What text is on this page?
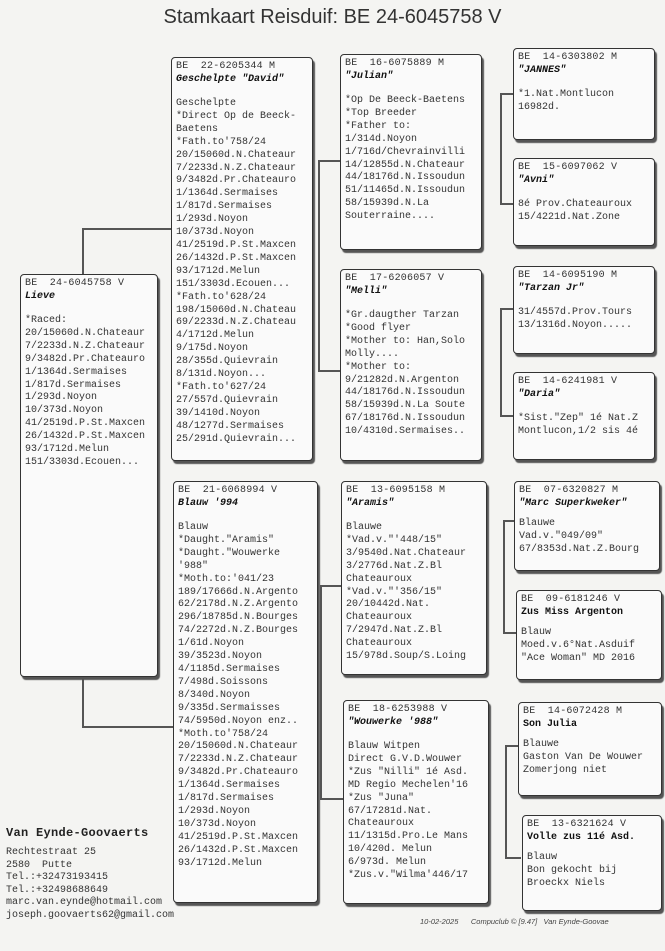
Stamkaart Reisduif: BE 24-6045758 V
BE  24-6045758 V
Lieve
*Raced:
20/15060d.N.Chateaur
7/2233d.N.Z.Chateaur
9/3482d.Pr.Chateauro
1/1364d.Sermaises
1/817d.Sermaises
1/293d.Noyon
10/373d.Noyon
41/2519d.P.St.Maxcen
26/1432d.P.St.Maxcen
93/1712d.Melun
151/3303d.Ecouen...
BE  22-6205344 M
Geschelpte "David"
Geschelpte
*Direct Op de Beeck-
Baetens
*Fath.to'758/24
20/15060d.N.Chateaur
7/2233d.N.Z.Chateaur
9/3482d.Pr.Chateauro
1/1364d.Sermaises
1/817d.Sermaises
1/293d.Noyon
10/373d.Noyon
41/2519d.P.St.Maxcen
26/1432d.P.St.Maxcen
93/1712d.Melun
151/3303d.Ecouen...
*Fath.to'628/24
198/15060d.N.Chateau
69/2233d.N.Z.Chateau
4/1712d.Melun
9/175d.Noyon
28/355d.Quievrain
8/131d.Noyon...
*Fath.to'627/24
27/557d.Quievrain
39/1410d.Noyon
48/1277d.Sermaises
25/291d.Quievrain...
BE  21-6068994 V
Blauw '994
Blauw
*Daught."Aramis"
*Daught."Wouwerke
'988"
*Moth.to:'041/23
189/17666d.N.Argento
62/2178d.N.Z.Argento
296/18785d.N.Bourges
74/2272d.N.Z.Bourges
1/61d.Noyon
39/3523d.Noyon
4/1185d.Sermaises
7/498d.Soissons
8/340d.Noyon
9/335d.Sermaisses
74/5950d.Noyon enz..
*Moth.to'758/24
20/15060d.N.Chateaur
7/2233d.N.Z.Chateaur
9/3482d.Pr.Chateauro
1/1364d.Sermaises
1/817d.Sermaises
1/293d.Noyon
10/373d.Noyon
41/2519d.P.St.Maxcen
26/1432d.P.St.Maxcen
93/1712d.Melun
BE  16-6075889 M
"Julian"
*Op De Beeck-Baetens
*Top Breeder
*Father to:
1/314d.Noyon
1/716d/Chevrainvilli
14/12855d.N.Chateaur
44/18176d.N.Issoudun
51/11465d.N.Issoudun
58/15939d.N.La
Souterraine....
BE  17-6206057 V
"Melli"
*Gr.daugther Tarzan
*Good flyer
*Mother to: Han,Solo
Molly....
*Mother to:
9/21282d.N.Argenton
44/18176d.N.Issoudun
58/15939d.N.La Soute
67/18176d.N.Issoudun
10/4310d.Sermaises..
BE  13-6095158 M
"Aramis"
Blauwe
*Vad.v."'448/15"
3/9540d.Nat.Chateaur
3/2776d.Nat.Z.Bl
Chateauroux
*Vad.v."'356/15"
20/10442d.Nat.
Chateauroux
7/2947d.Nat.Z.Bl
Chateauroux
15/978d.Soup/S.Loing
BE  18-6253988 V
"Wouwerke '988"
Blauw Witpen
Direct G.V.D.Wouwer
*Zus "Nilli" 1é Asd.
MD Regio Mechelen'16
*Zus "Juna"
67/17281d.Nat.
Chateauroux
11/1315d.Pro.Le Mans
10/420d. Melun
6/973d. Melun
*Zus.v."Wilma'446/17
BE  14-6303802 M
"JANNES"
*1.Nat.Montlucon
16982d.
BE  15-6097062 V
"Avni"
8é Prov.Chateauroux
15/4221d.Nat.Zone
BE  14-6095190 M
"Tarzan Jr"
31/4557d.Prov.Tours
13/1316d.Noyon.....
BE  14-6241981 V
"Daria"
*Sist."Zep" 1é Nat.Z
Montlucon,1/2 sis 4é
BE  07-6320827 M
"Marc Superkweker"
Blauwe
Vad.v."049/09"
67/8353d.Nat.Z.Bourg
BE  09-6181246 V
Zus Miss Argenton
Blauw
Moed.v.6°Nat.Asduif
"Ace Woman" MD 2016
BE  14-6072428 M
Son Julia
Blauwe
Gaston Van De Wouwer
Zomerjong niet
BE  13-6321624 V
Volle zus 11é Asd.
Blauw
Bon gekocht bij
Broeckx Niels
Van Eynde-Goovaerts
Rechtestraat 25
2580  Putte
Tel.:+32473193415
Tel.:+32498688649
marc.van.eynde@hotmail.com
joseph.goovaerts62@gmail.com
10-02-2025      Compuclub © [9.47]   Van Eynde-Goovae
